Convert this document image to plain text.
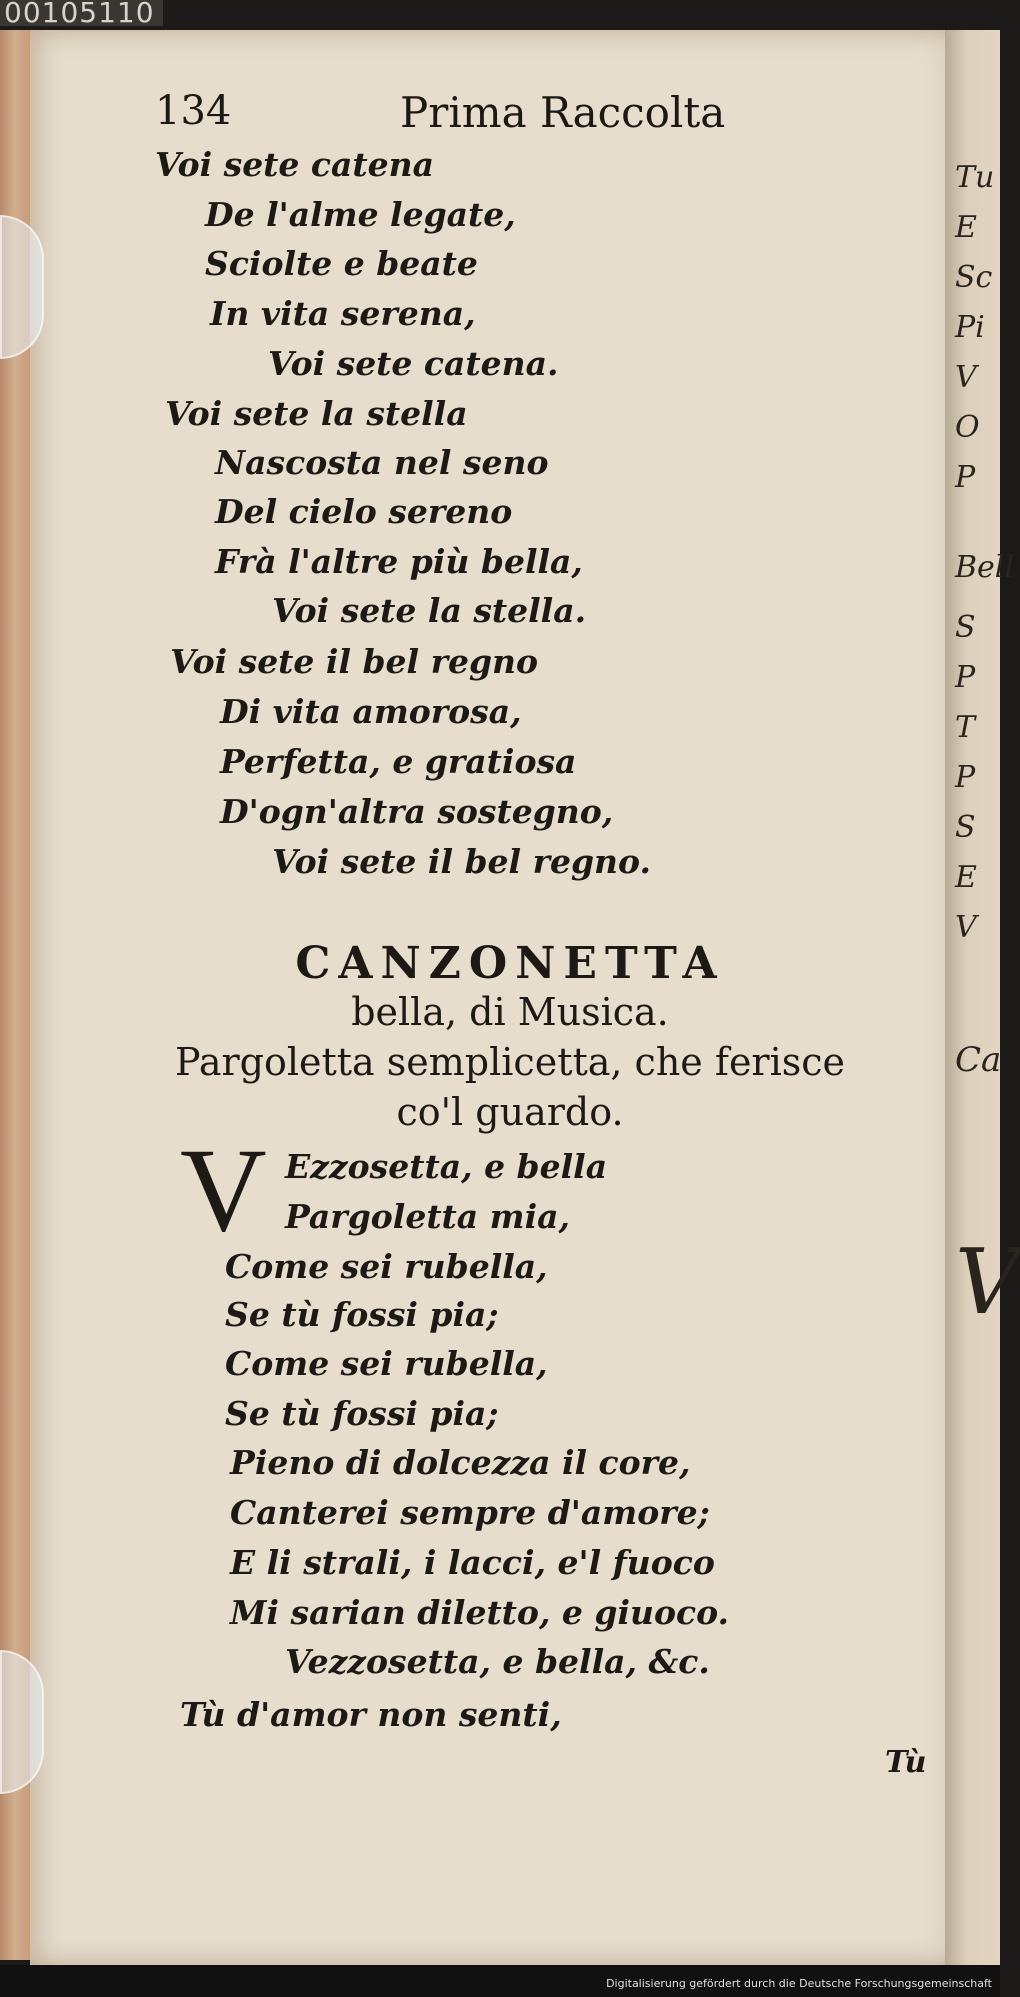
00105110
Tu
E
Sc
Pi
V
O
P
Bell
S
P
T
P
S
E
V
Ca
V
134	Prima Raccolta
Voi sete catena
De l'alme legate,
Sciolte e beate
In vita serena,
Voi sete catena.
Voi sete la stella
Nascosta nel seno
Del cielo sereno
Frà l'altre più bella,
Voi sete la stella.
Voi sete il bel regno
Di vita amorosa,
Perfetta, e gratiosa
D'ogn'altra sostegno,
Voi sete il bel regno.
CANZONETTA
bella, di Musica.
Pargoletta semplicetta, che ferisce
co'l guardo.
V Ezzosetta, e bella
Pargoletta mia,
Come sei rubella,
Se tù fossi pia;
Come sei rubella,
Se tù fossi pia;
Pieno di dolcezza il core,
Canterei sempre d'amore;
E li strali, i lacci, e'l fuoco
Mi sarian diletto, e giuoco.
Vezzosetta, e bella, &c.
Tù d'amor non senti,
Tù
Digitalisierung gefördert durch die Deutsche Forschungsgemeinschaft
